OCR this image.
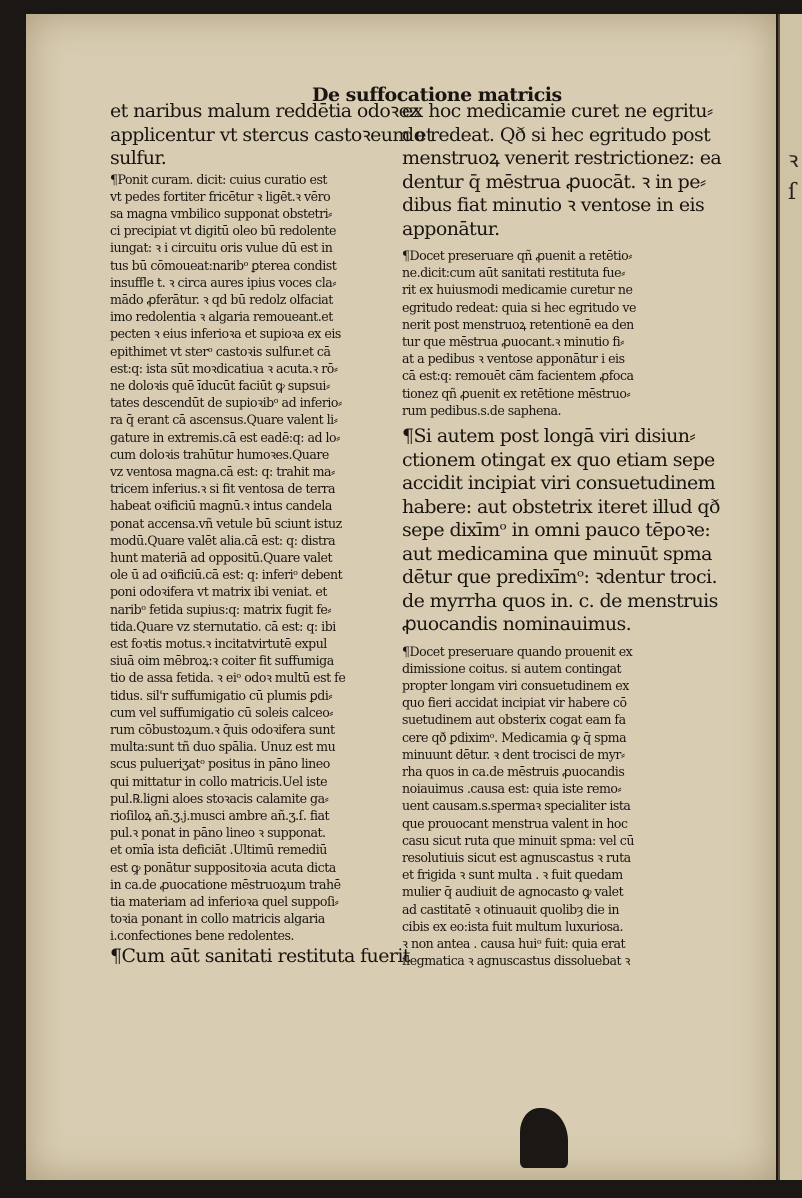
De suffocatione matricis
et naribus malum reddētia odoꝛez
applicentur vt stercus castoꝛeum et
sulfur.
¶Ponit curam. dicit: cuius curatio est
vt pedes fortiter fricētur ꝛ ligēt.ꝛ vēro
sa magna vmbilico supponat obstetri⸗
ci precipiat vt digitū oleo bū redolente
iungat: ꝛ i circuitu oris vulue dū est in
tus bū cōmoueat:naribᵒ ꝑterea condist
insuffle t. ꝛ circa aures ipius voces cla⸗
mādo ꝓferātur. ꝛ qd bū redolz olfaciat
imo redolentia ꝛ algaria remoueant.et
pecten ꝛ eius inferioꝛa et supioꝛa ex eis
epithimet vt sterᵒ castoꝛis sulfur.et cā
est:q: ista sūt moꝛdicatiua ꝛ acuta.ꝛ rō⸗
ne doloꝛis quē īducūt faciūt ꝙ supsui⸗
tates descendūt de supioꝛibᵒ ad inferio⸗
ra q̄ erant cā ascensus.Quare valent li⸗
gature in extremis.cā est eadē:q: ad lo⸗
cum doloꝛis trahūtur humoꝛes.Quare
vz ventosa magna.cā est: q: trahit ma⸗
tricem inferius.ꝛ si fit ventosa de terra
habeat oꝛificiū magnū.ꝛ intus candela
ponat accensa.vñ vetule bū sciunt istuz
modū.Quare valēt alia.cā est: q: distra
hunt materiā ad oppositū.Quare valet
ole ū ad oꝛificiū.cā est: q: inferiᵒ debent
poni odoꝛifera vt matrix ibi veniat. et
naribᵒ fetida supius:q: matrix fugit fe⸗
tida.Quare vz sternutatio. cā est: q: ibi
est foꝛtis motus.ꝛ incitatvirtutē expul
siuā oim mēbroꝝ:ꝛ coiter fit suffumiga
tio de assa fetida. ꝛ eiᵒ odoꝛ multū est fe
tidus. sil'r suffumigatio cū plumis ꝑdi⸗
cum vel suffumigatio cū soleis calceo⸗
rum cōbustoꝝum.ꝛ q̄uis odoꝛifera sunt
multa:sunt tñ duo spālia. Unuz est mu
scus pulueriʒatᵒ positus in pāno lineo
qui mittatur in collo matricis.Uel iste
pul.℞.ligni aloes stoꝛacis calamite ga⸗
rioſiloꝝ añ.ʒ.j.musci ambre añ.ʒ.ſ. fiat
pul.ꝛ ponat in pāno lineo ꝛ supponat.
et omīa ista deficiāt .Ultimū remediū
est ꝙ ponātur suppositoꝛia acuta dicta
in ca.de ꝓuocatione mēstruoꝝum trahē
tia materiam ad inferioꝛa quel suppoſi⸗
toꝛia ponant in collo matricis algaria
i.confectiones bene redolentes.
¶Cum aūt sanitati restituta fuerit
ex hoc medicamie curet ne egritu⸗
do redeat. Qð si hec egritudo post
menstruoꝝ venerit restrictionez: ea
dentur q̄ mēstrua ꝓuocāt. ꝛ in pe⸗
dibus fiat minutio ꝛ ventose in eis
apponātur.
¶Docet preseruare qñ ꝓuenit a retētio⸗
ne.dicit:cum aūt sanitati restituta fue⸗
rit ex huiusmodi medicamie curetur ne
egritudo redeat: quia si hec egritudo ve
nerit post menstruoꝝ retentionē ea den
tur que mēstrua ꝓuocant.ꝛ minutio fi⸗
at a pedibus ꝛ ventose apponātur i eis
cā est:q: remouēt cām facientem ꝓfoca
tionez qñ ꝓuenit ex retētione mēstruo⸗
rum pedibus.s.de saphena.
¶Si autem post longā viri disiun⸗
ctionem otingat ex quo etiam sepe
accidit incipiat viri consuetudinem
habere: aut obstetrix iteret illud qð
sepe dixīmᵒ in omni pauco tēpoꝛe:
aut medicamina que minuūt spma
dētur que predixīmᵒ: ꝛdentur troci.
de myrrha quos in. c. de menstruis
ꝓuocandis nominauimus.
¶Docet preseruare quando prouenit ex
dimissione coitus. si autem contingat
propter longam viri consuetudinem ex
quo fieri accidat incipiat vir habere cō
suetudinem aut obsterix cogat eam fa
cere qð ꝑdiximᵒ. Medicamia ꝙ q̄ spma
minuunt dētur. ꝛ dent trocisci de myr⸗
rha quos in ca.de mēstruis ꝓuocandis
noiauimus .causa est: quia iste remo⸗
uent causam.s.spermaꝛ specialiter ista
que prouocant menstrua valent in hoc
casu sicut ruta que minuit spma: vel cū
resolutiuis sicut est agnuscastus ꝛ ruta
et frigida ꝛ sunt multa . ꝛ fuit quedam
mulier q̄ audiuit de agnocasto ꝙ valet
ad castitatē ꝛ otinuauit quolibȝ die in
cibis ex eo:ista fuit multum luxuriosa.
ꝛ non antea . causa huiᵒ fuit: quia erat
flegmatica ꝛ agnuscastus dissoluebat ꝛ
ꝛ
ſ
